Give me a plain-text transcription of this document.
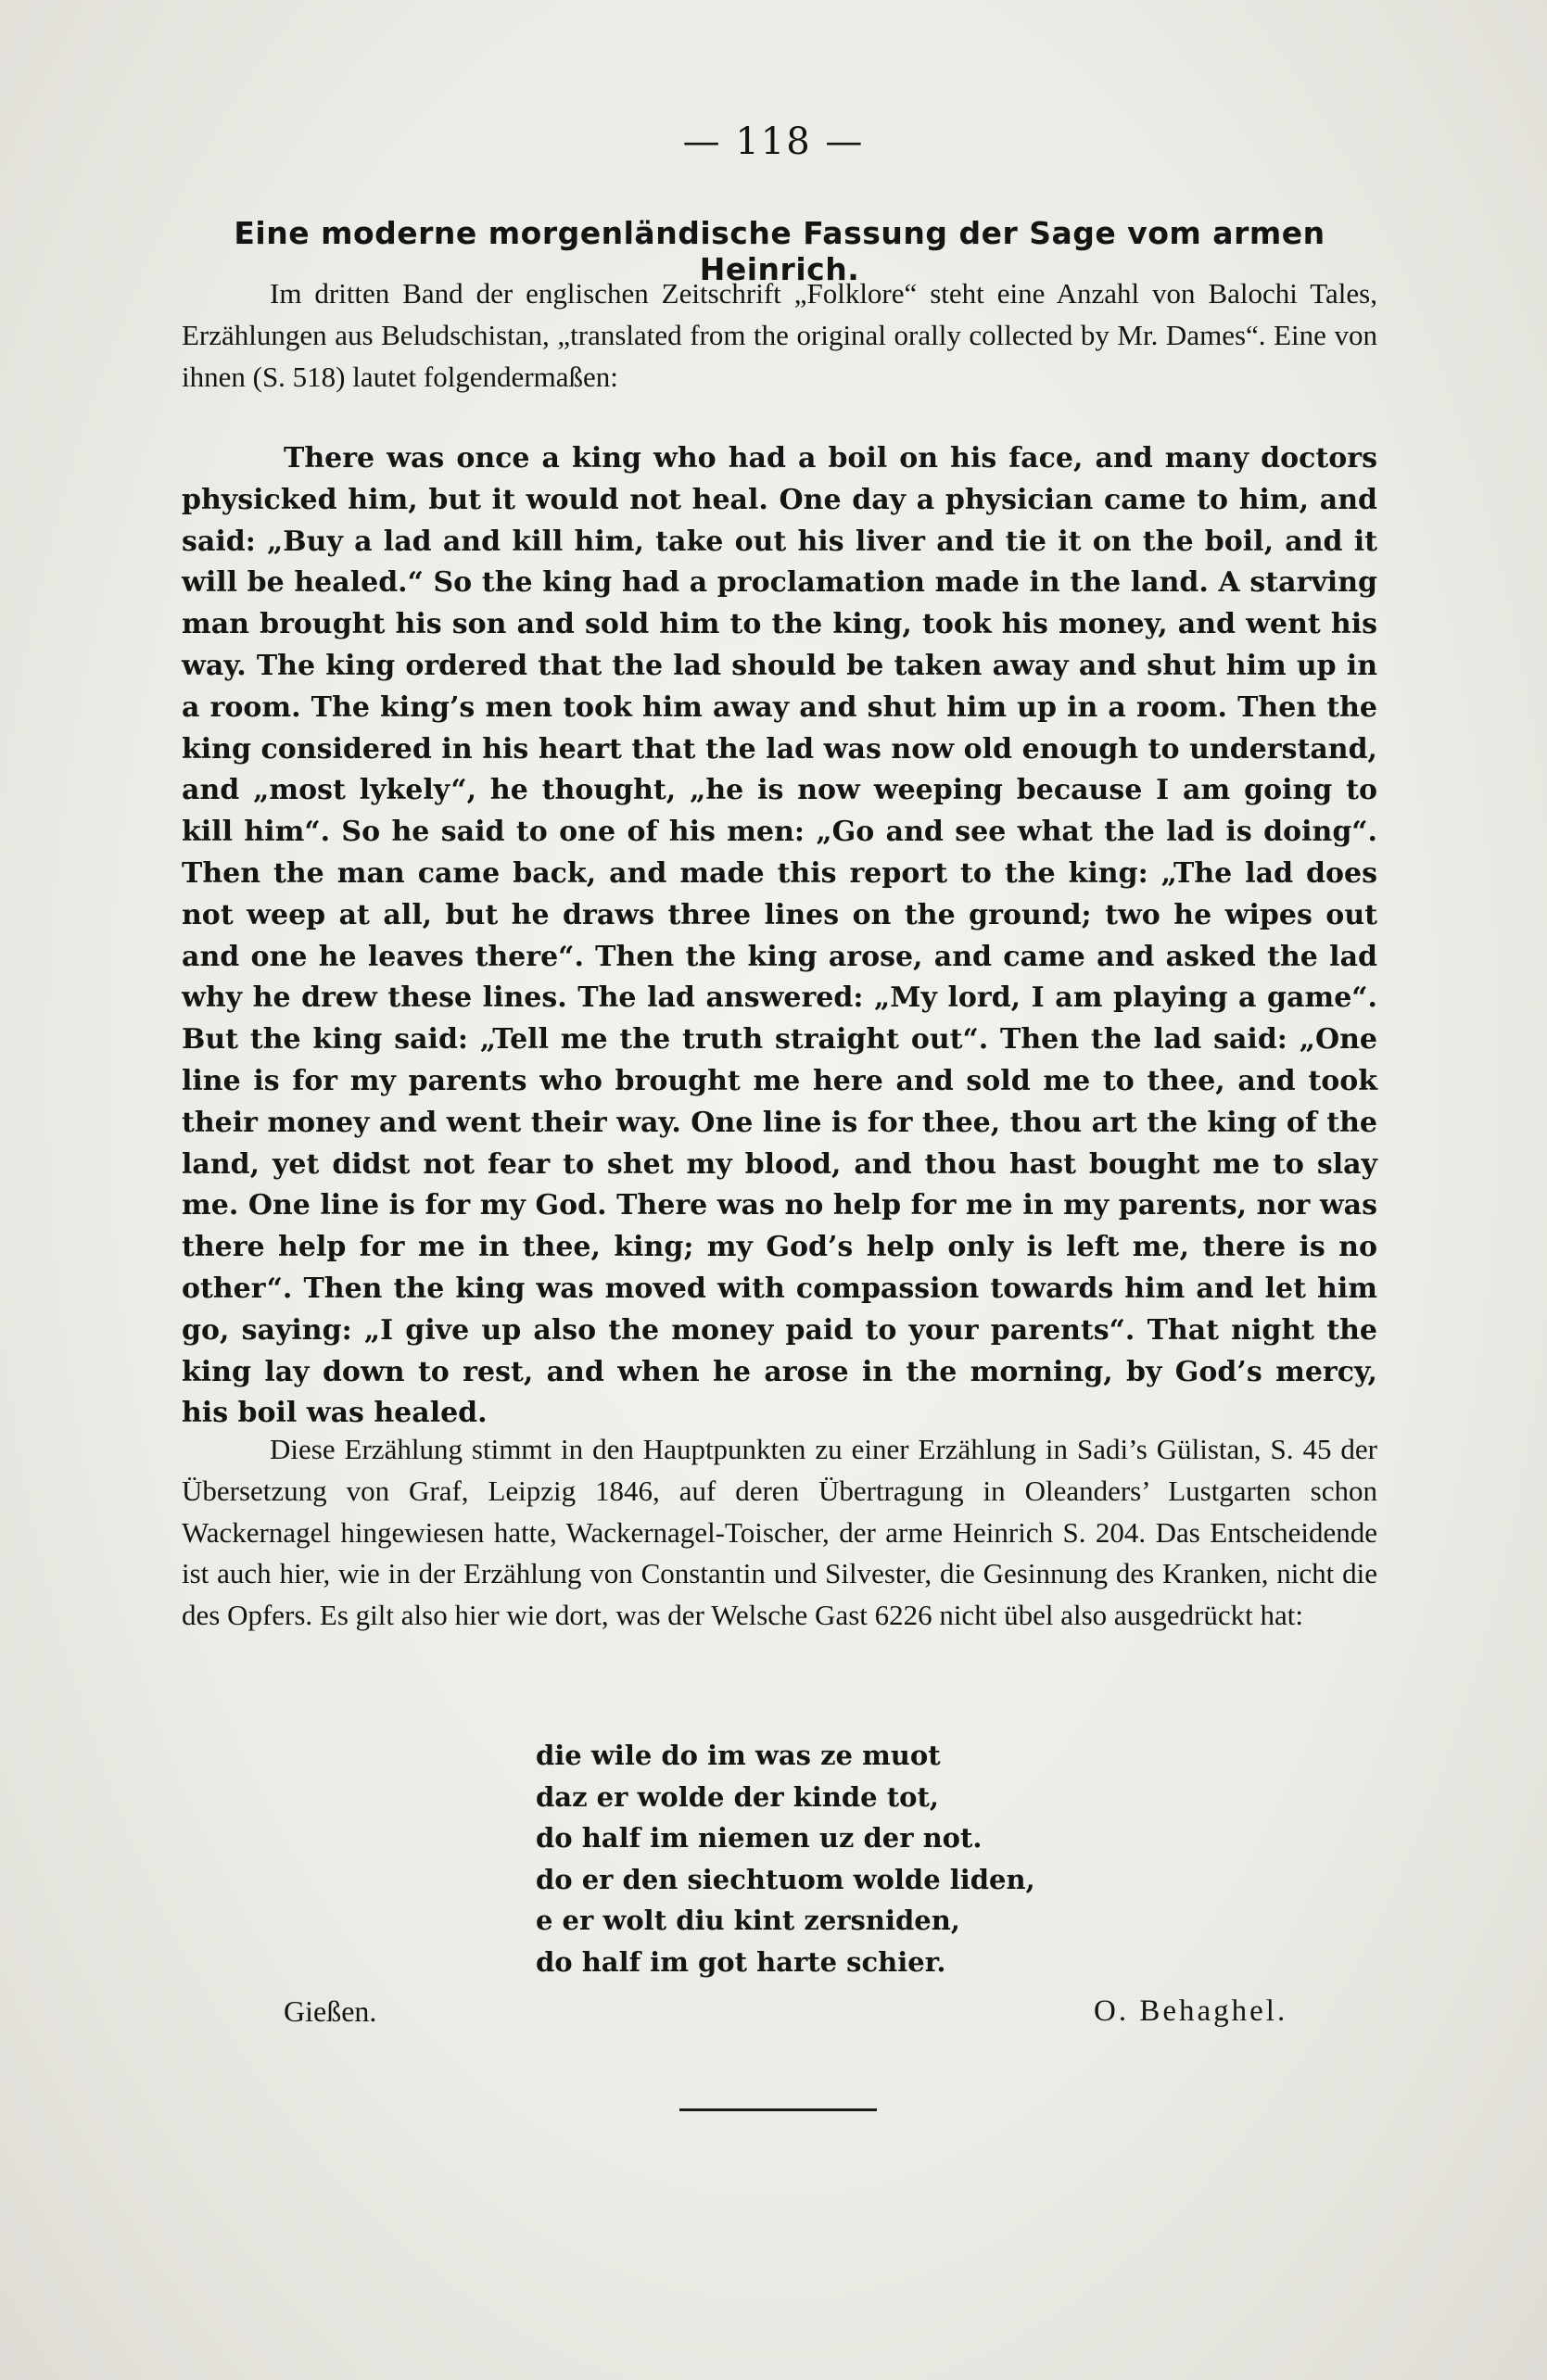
— 118 —
Eine moderne morgenländische Fassung der Sage vom armen Heinrich.

Im dritten Band der englischen Zeitschrift „Folklore“ steht eine Anzahl von Balochi Tales, Erzählungen aus Beludschistan, „translated from the original orally collected by Mr. Dames“. Eine von ihnen (S. 518) lautet folgendermaßen:

There was once a king who had a boil on his face, and many doctors physicked him, but it would not heal. One day a physician came to him, and said: „Buy a lad and kill him, take out his liver and tie it on the boil, and it will be healed.“ So the king had a proclamation made in the land. A starving man brought his son and sold him to the king, took his money, and went his way. The king ordered that the lad should be taken away and shut him up in a room. The king’s men took him away and shut him up in a room. Then the king considered in his heart that the lad was now old enough to understand, and „most lykely“, he thought, „he is now weeping because I am going to kill him“. So he said to one of his men: „Go and see what the lad is doing“. Then the man came back, and made this report to the king: „The lad does not weep at all, but he draws three lines on the ground; two he wipes out and one he leaves there“. Then the king arose, and came and asked the lad why he drew these lines. The lad answered: „My lord, I am playing a game“. But the king said: „Tell me the truth straight out“. Then the lad said: „One line is for my parents who brought me here and sold me to thee, and took their money and went their way. One line is for thee, thou art the king of the land, yet didst not fear to shet my blood, and thou hast bought me to slay me. One line is for my God. There was no help for me in my parents, nor was there help for me in thee, king; my God’s help only is left me, there is no other“. Then the king was moved with compassion towards him and let him go, saying: „I give up also the money paid to your parents“. That night the king lay down to rest, and when he arose in the morning, by God’s mercy, his boil was healed.

Diese Erzählung stimmt in den Hauptpunkten zu einer Erzählung in Sadi’s Gülistan, S. 45 der Übersetzung von Graf, Leipzig 1846, auf deren Übertragung in Oleanders’ Lustgarten schon Wackernagel hingewiesen hatte, Wackernagel-Toischer, der arme Heinrich S. 204. Das Entscheidende ist auch hier, wie in der Erzählung von Constantin und Silvester, die Gesinnung des Kranken, nicht die des Opfers. Es gilt also hier wie dort, was der Welsche Gast 6226 nicht übel also ausgedrückt hat:

die wile do im was ze muot
daz er wolde der kinde tot,
do half im niemen uz der not.
do er den siechtuom wolde liden,
e er wolt diu kint zersniden,
do half im got harte schier.
Gießen.	O. Behaghel.
